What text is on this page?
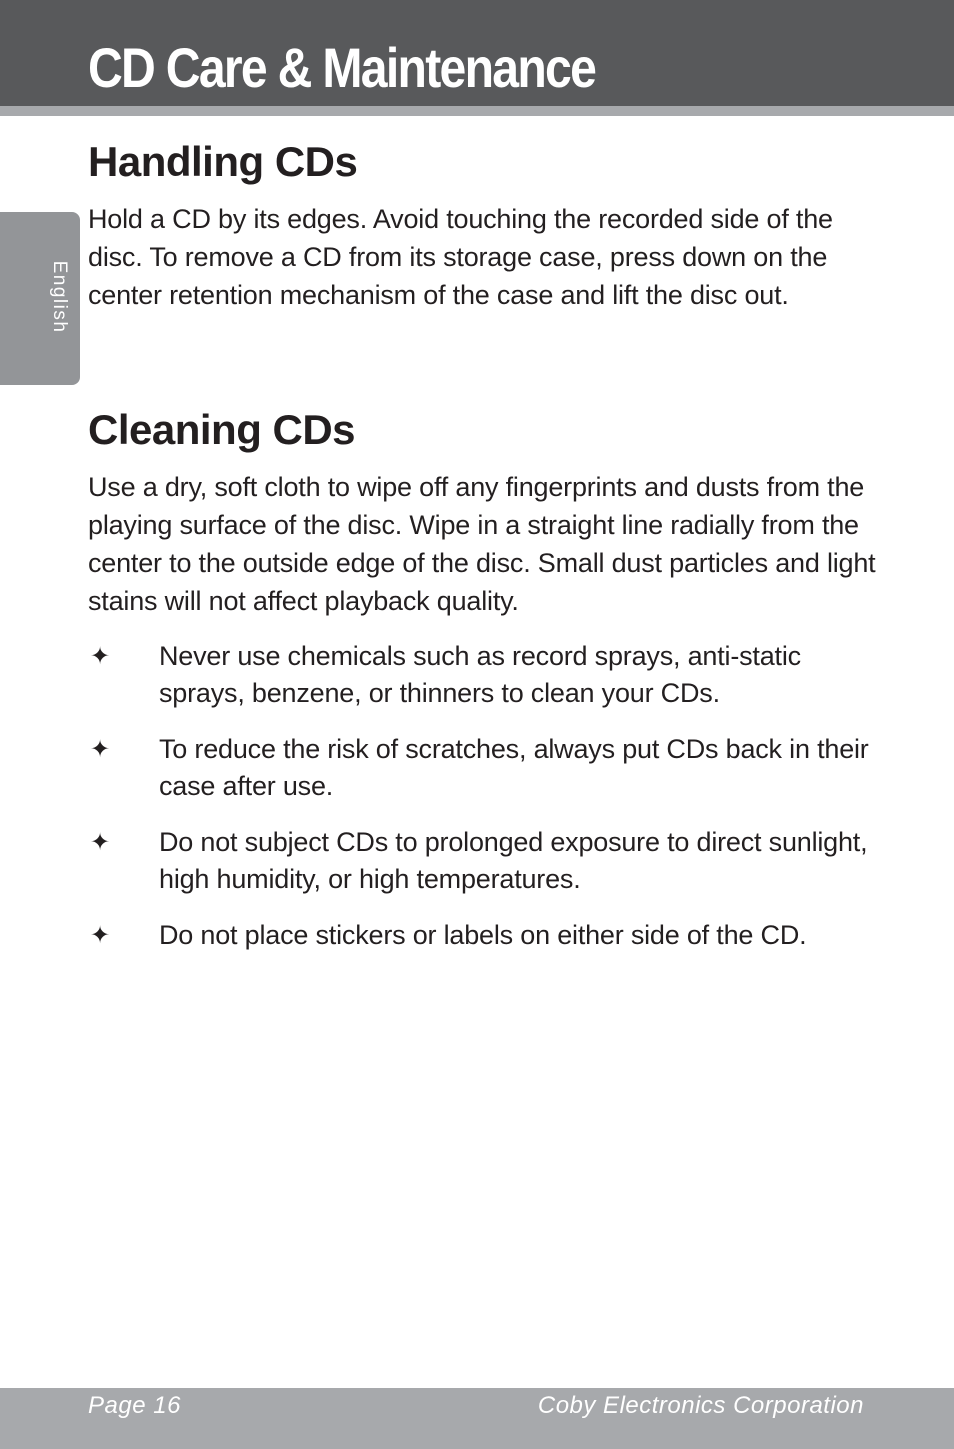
CD Care & Maintenance
English
Handling CDs

Hold a CD by its edges. Avoid touching the recorded side of the disc. To remove a CD from its storage case, press down on the center retention mechanism of the case and lift the disc out.

Cleaning CDs

Use a dry, soft cloth to wipe off any fingerprints and dusts from the playing surface of the disc. Wipe in a straight line radially from the center to the outside edge of the disc. Small dust particles and light stains will not affect playback quality.

✦ Never use chemicals such as record sprays, anti-static sprays, benzene, or thinners to clean your CDs.
✦ To reduce the risk of scratches, always put CDs back in their case after use.
✦ Do not subject CDs to prolonged exposure to direct sunlight, high humidity, or high temperatures.
✦ Do not place stickers or labels on either side of the CD.
Page 16	Coby Electronics Corporation
